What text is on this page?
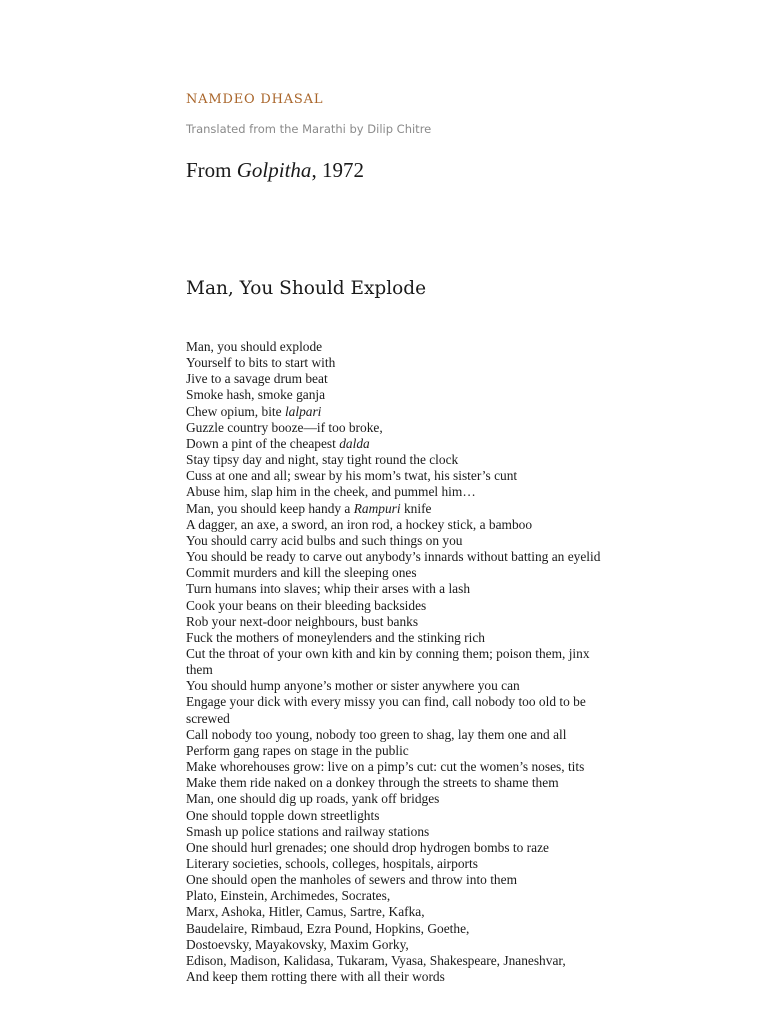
NAMDEO DHASAL
Translated from the Marathi by Dilip Chitre
From Golpitha, 1972
Man, You Should Explode
Man, you should explode
Yourself to bits to start with
Jive to a savage drum beat
Smoke hash, smoke ganja
Chew opium, bite lalpari
Guzzle country booze—if too broke,
Down a pint of the cheapest dalda
Stay tipsy day and night, stay tight round the clock
Cuss at one and all; swear by his mom’s twat, his sister’s cunt
Abuse him, slap him in the cheek, and pummel him…
Man, you should keep handy a Rampuri knife
A dagger, an axe, a sword, an iron rod, a hockey stick, a bamboo
You should carry acid bulbs and such things on you
You should be ready to carve out anybody’s innards without batting an eyelid
Commit murders and kill the sleeping ones
Turn humans into slaves; whip their arses with a lash
Cook your beans on their bleeding backsides
Rob your next-door neighbours, bust banks
Fuck the mothers of moneylenders and the stinking rich
Cut the throat of your own kith and kin by conning them; poison them, jinx
them
You should hump anyone’s mother or sister anywhere you can
Engage your dick with every missy you can find, call nobody too old to be
screwed
Call nobody too young, nobody too green to shag, lay them one and all
Perform gang rapes on stage in the public
Make whorehouses grow: live on a pimp’s cut: cut the women’s noses, tits
Make them ride naked on a donkey through the streets to shame them
Man, one should dig up roads, yank off bridges
One should topple down streetlights
Smash up police stations and railway stations
One should hurl grenades; one should drop hydrogen bombs to raze
Literary societies, schools, colleges, hospitals, airports
One should open the manholes of sewers and throw into them
Plato, Einstein, Archimedes, Socrates,
Marx, Ashoka, Hitler, Camus, Sartre, Kafka,
Baudelaire, Rimbaud, Ezra Pound, Hopkins, Goethe,
Dostoevsky, Mayakovsky, Maxim Gorky,
Edison, Madison, Kalidasa, Tukaram, Vyasa, Shakespeare, Jnaneshvar,
And keep them rotting there with all their words
